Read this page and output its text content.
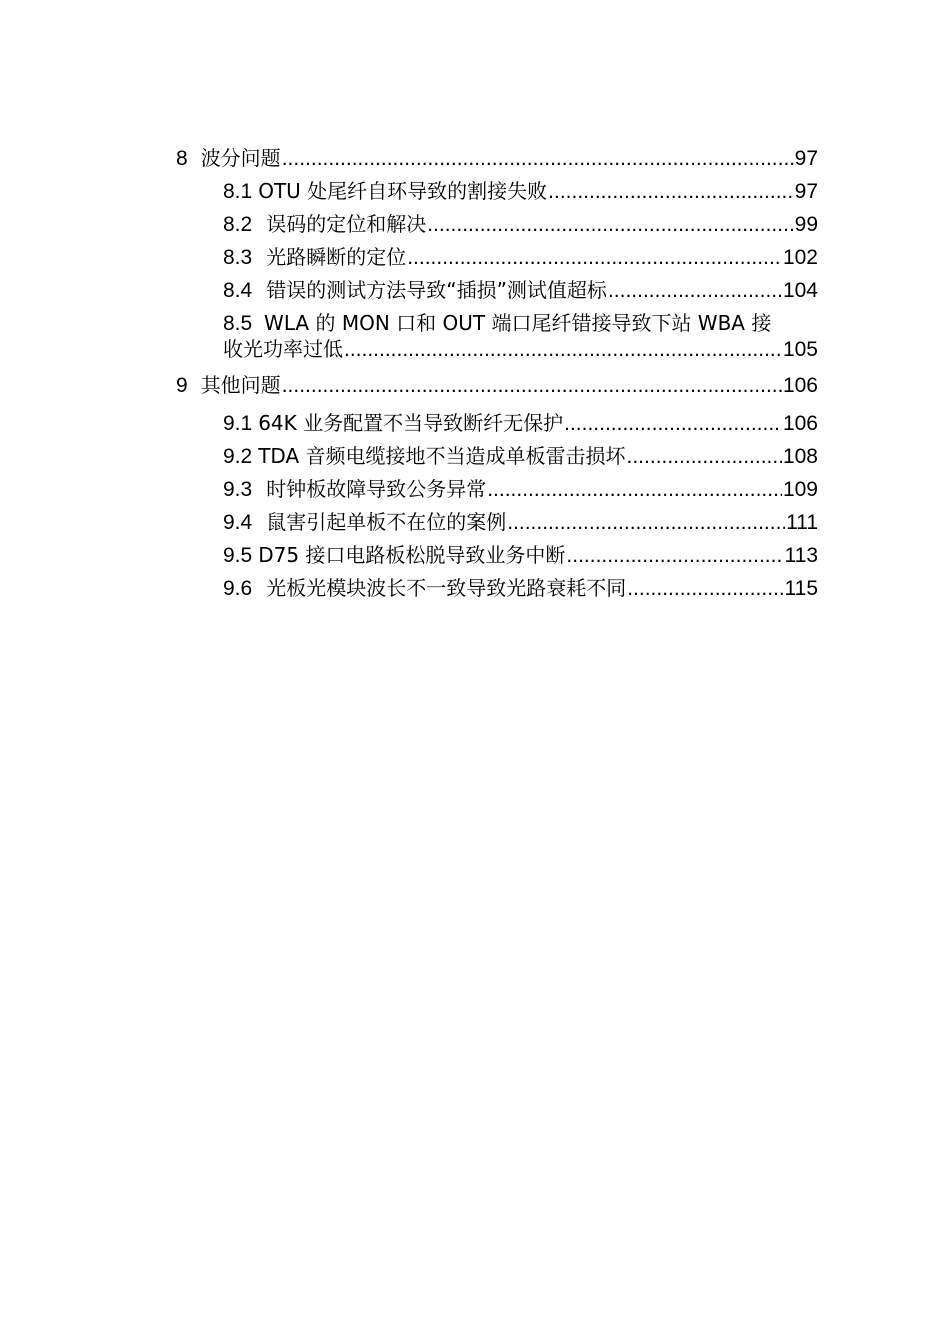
8 波分问题 .....	97
8.1 OTU 处尾纤自环导致的割接失败 .....	97
8.2 误码的定位和解决 .....	99
8.3 光路瞬断的定位 .....	102
8.4 错误的测试方法导致“插损”测试值超标 .....	104
8.5 WLA 的 MON 口和 OUT 端口尾纤错接导致下站 WBA 接
收光功率过低 .....	105
9 其他问题 .....	106
9.1 64K 业务配置不当导致断纤无保护 .....	106
9.2 TDA 音频电缆接地不当造成单板雷击损坏 .....	108
9.3 时钟板故障导致公务异常 .....	109
9.4 鼠害引起单板不在位的案例 .....	111
9.5 D75 接口电路板松脱导致业务中断 .....	113
9.6 光板光模块波长不一致导致光路衰耗不同 .....	115
